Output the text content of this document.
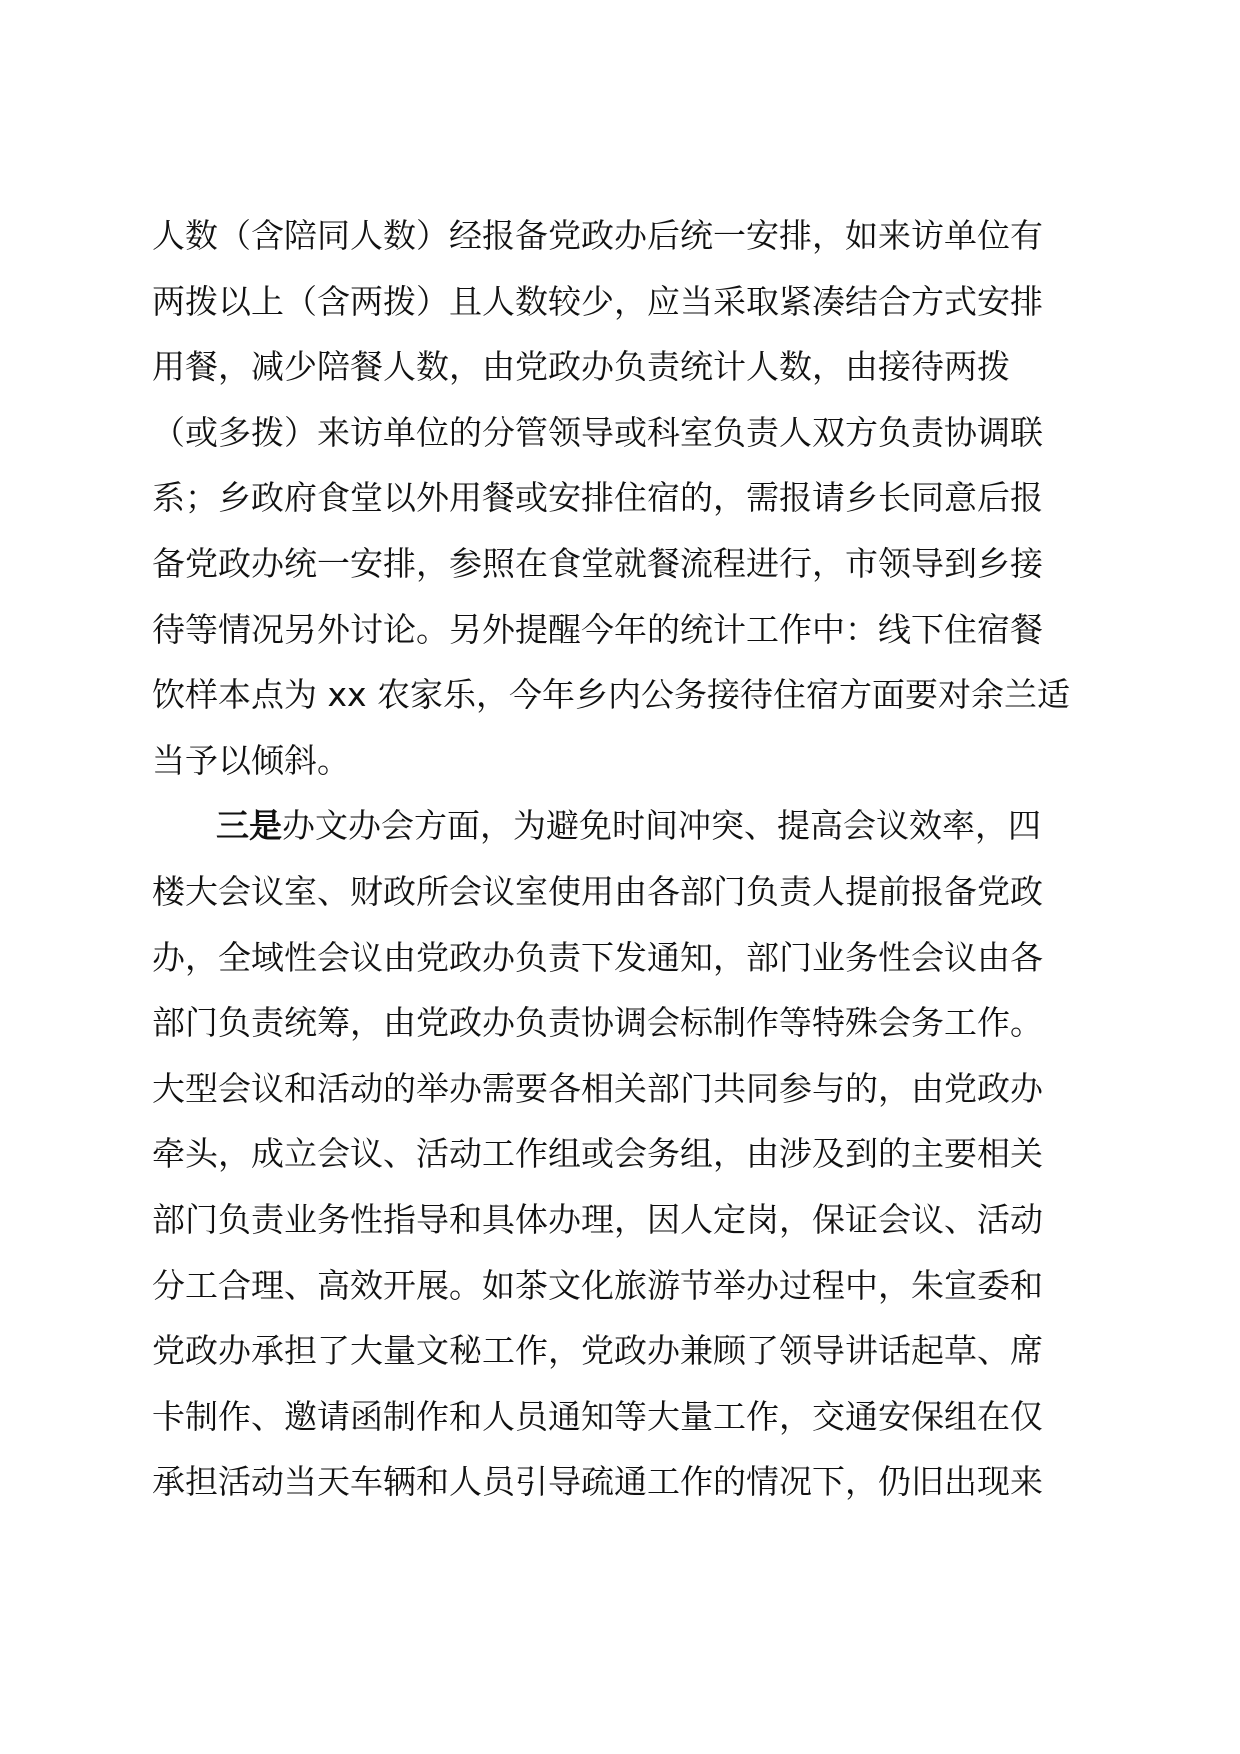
人数（含陪同人数）经报备党政办后统一安排，如来访单位有

两拨以上（含两拨）且人数较少，应当采取紧凑结合方式安排

用餐，减少陪餐人数，由党政办负责统计人数，由接待两拨

（或多拨）来访单位的分管领导或科室负责人双方负责协调联

系；乡政府食堂以外用餐或安排住宿的，需报请乡长同意后报

备党政办统一安排，参照在食堂就餐流程进行，市领导到乡接

待等情况另外讨论。另外提醒今年的统计工作中：线下住宿餐

饮样本点为 xx 农家乐，今年乡内公务接待住宿方面要对余兰适

当予以倾斜。

三是办文办会方面，为避免时间冲突、提高会议效率，四

楼大会议室、财政所会议室使用由各部门负责人提前报备党政

办，全域性会议由党政办负责下发通知，部门业务性会议由各

部门负责统筹，由党政办负责协调会标制作等特殊会务工作。

大型会议和活动的举办需要各相关部门共同参与的，由党政办

牵头，成立会议、活动工作组或会务组，由涉及到的主要相关

部门负责业务性指导和具体办理，因人定岗，保证会议、活动

分工合理、高效开展。如茶文化旅游节举办过程中，朱宣委和

党政办承担了大量文秘工作，党政办兼顾了领导讲话起草、席

卡制作、邀请函制作和人员通知等大量工作，交通安保组在仅

承担活动当天车辆和人员引导疏通工作的情况下，仍旧出现来
